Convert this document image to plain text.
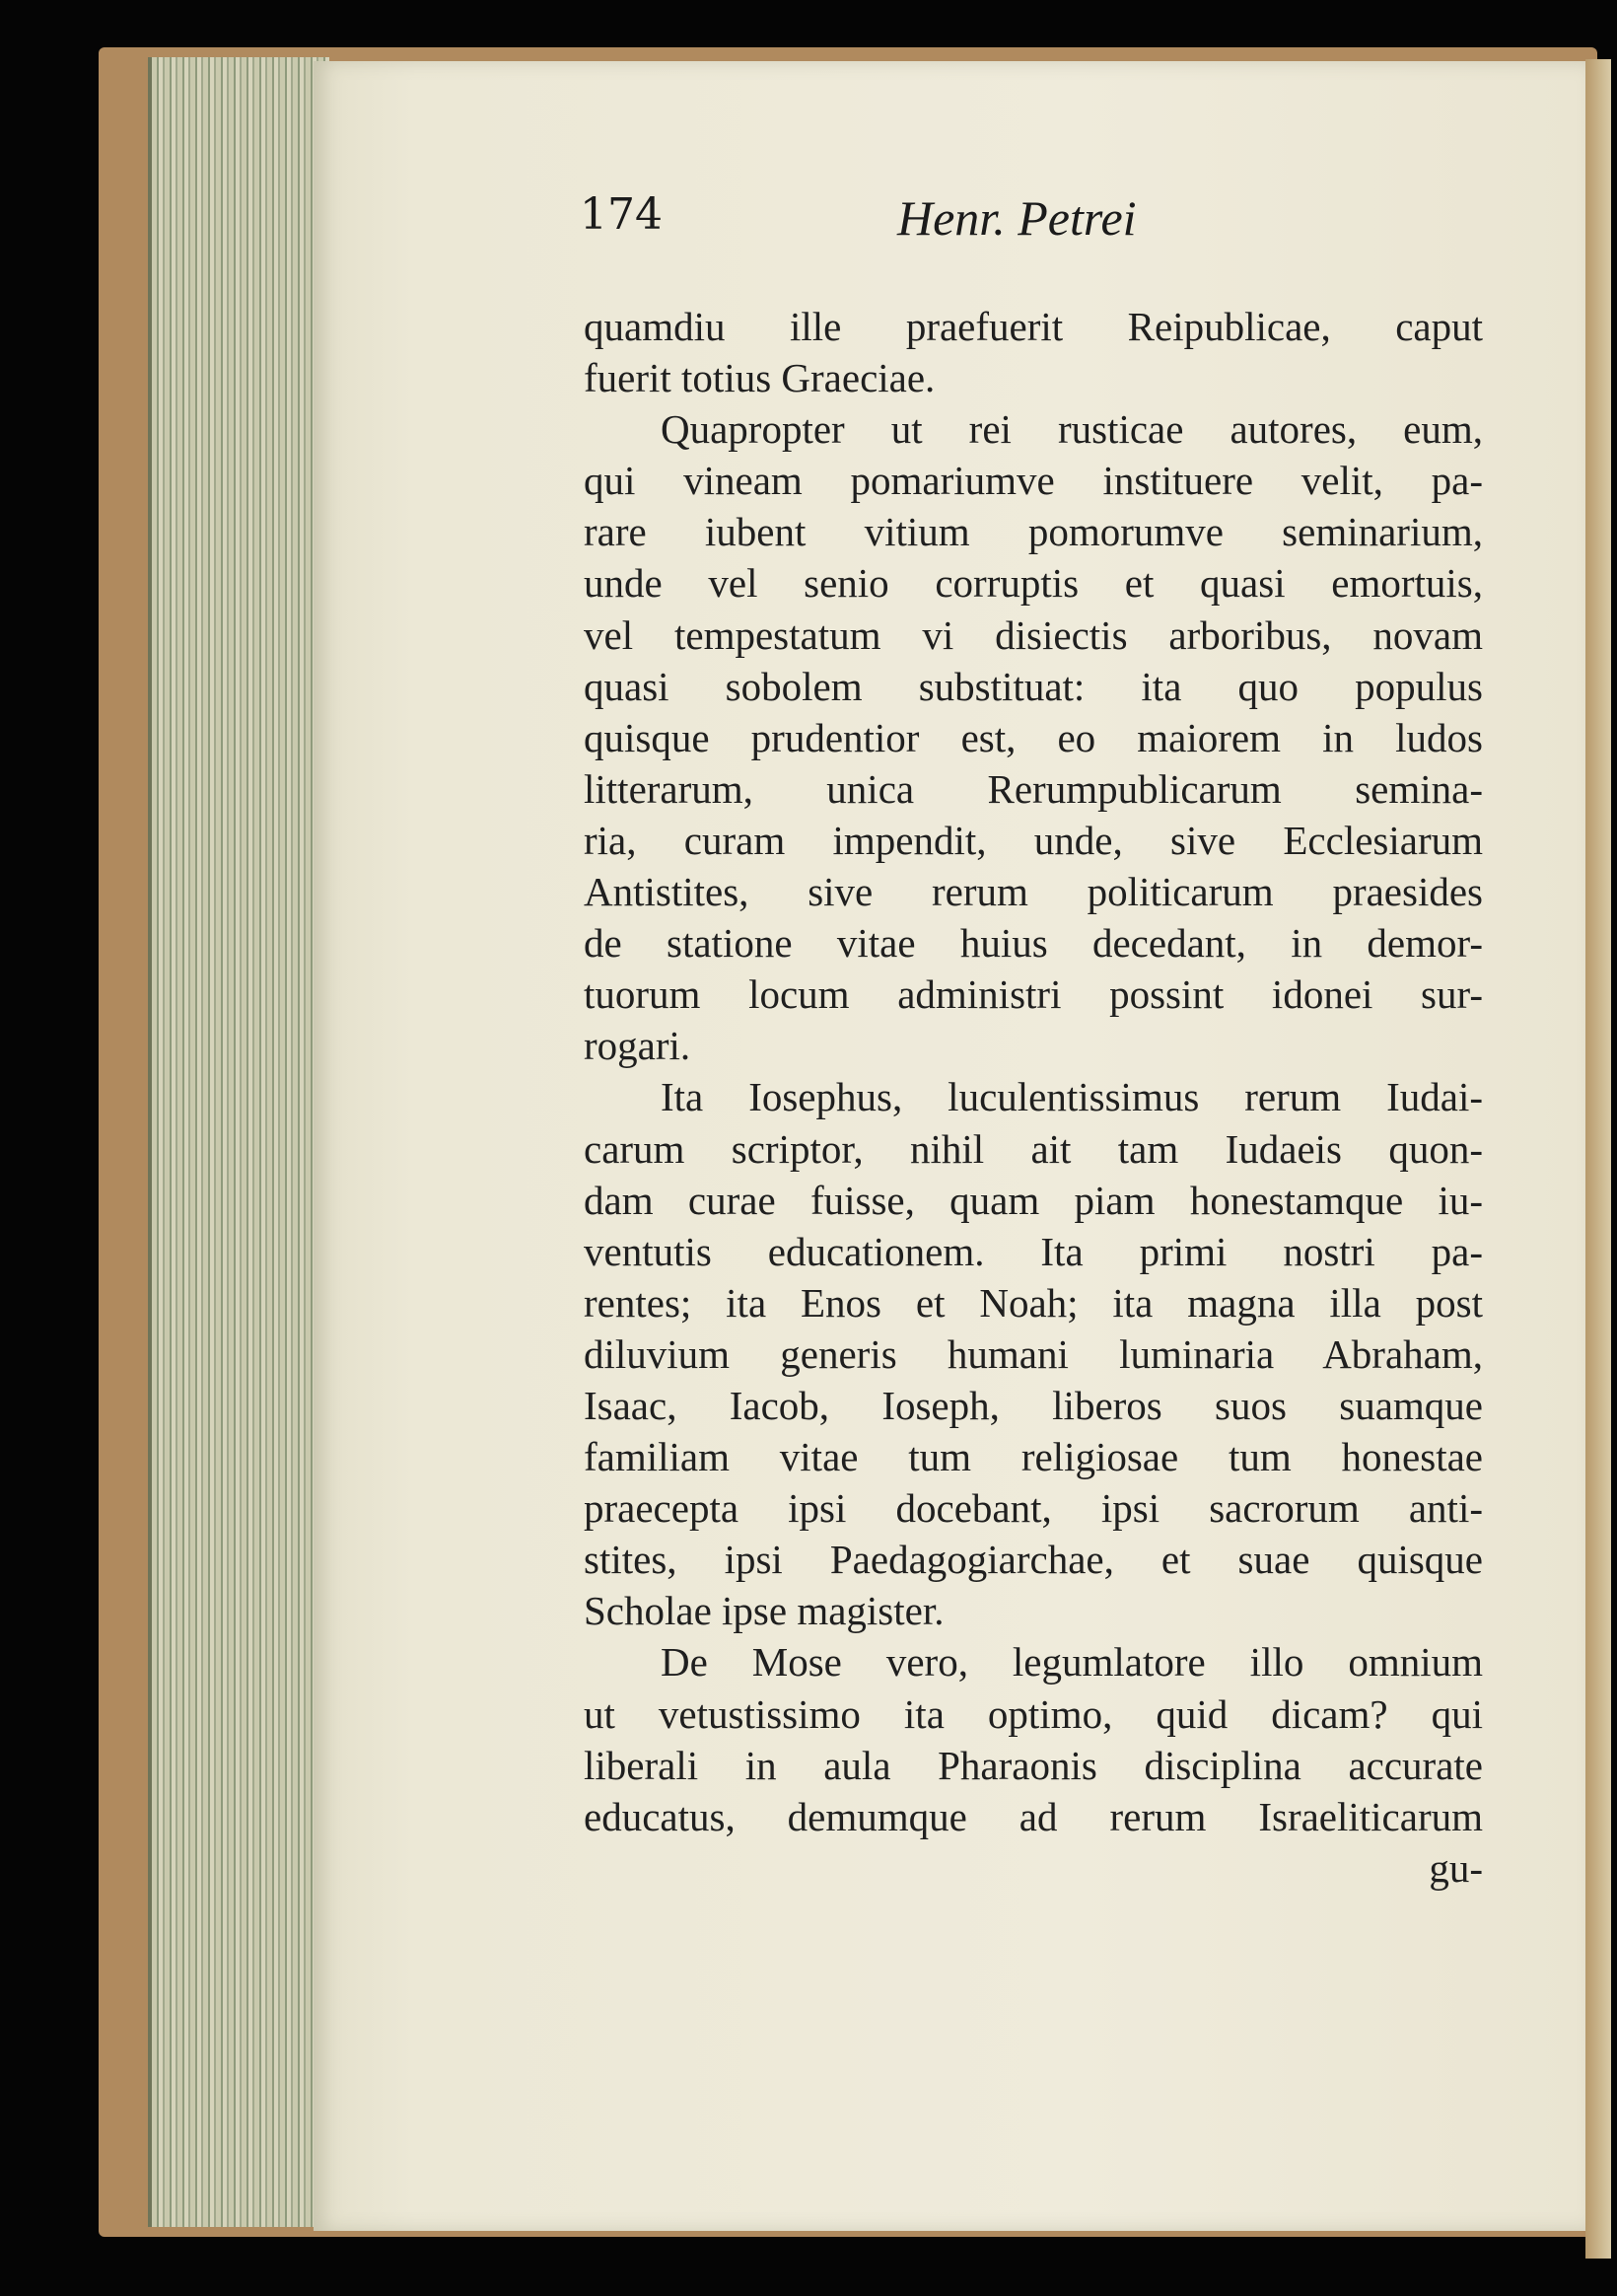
174	Henr. Petrei
quamdiu ille praefuerit Reipublicae, caput
fuerit totius Graeciae.
Quapropter ut rei rusticae autores, eum,
qui vineam pomariumve instituere velit, pa-
rare iubent vitium pomorumve seminarium,
unde vel senio corruptis et quasi emortuis,
vel tempestatum vi disiectis arboribus, novam
quasi sobolem substituat: ita quo populus
quisque prudentior est, eo maiorem in ludos
litterarum, unica Rerumpublicarum semina-
ria, curam impendit, unde, sive Ecclesiarum
Antistites, sive rerum politicarum praesides
de statione vitae huius decedant, in demor-
tuorum locum administri possint idonei sur-
rogari.
Ita Iosephus, luculentissimus rerum Iudai-
carum scriptor, nihil ait tam Iudaeis quon-
dam curae fuisse, quam piam honestamque iu-
ventutis educationem. Ita primi nostri pa-
rentes; ita Enos et Noah; ita magna illa post
diluvium generis humani luminaria Abraham,
Isaac, Iacob, Ioseph, liberos suos suamque
familiam vitae tum religiosae tum honestae
praecepta ipsi docebant, ipsi sacrorum anti-
stites, ipsi Paedagogiarchae, et suae quisque
Scholae ipse magister.
De Mose vero, legumlatore illo omnium
ut vetustissimo ita optimo, quid dicam? qui
liberali in aula Pharaonis disciplina accurate
educatus, demumque ad rerum Israeliticarum
gu-
